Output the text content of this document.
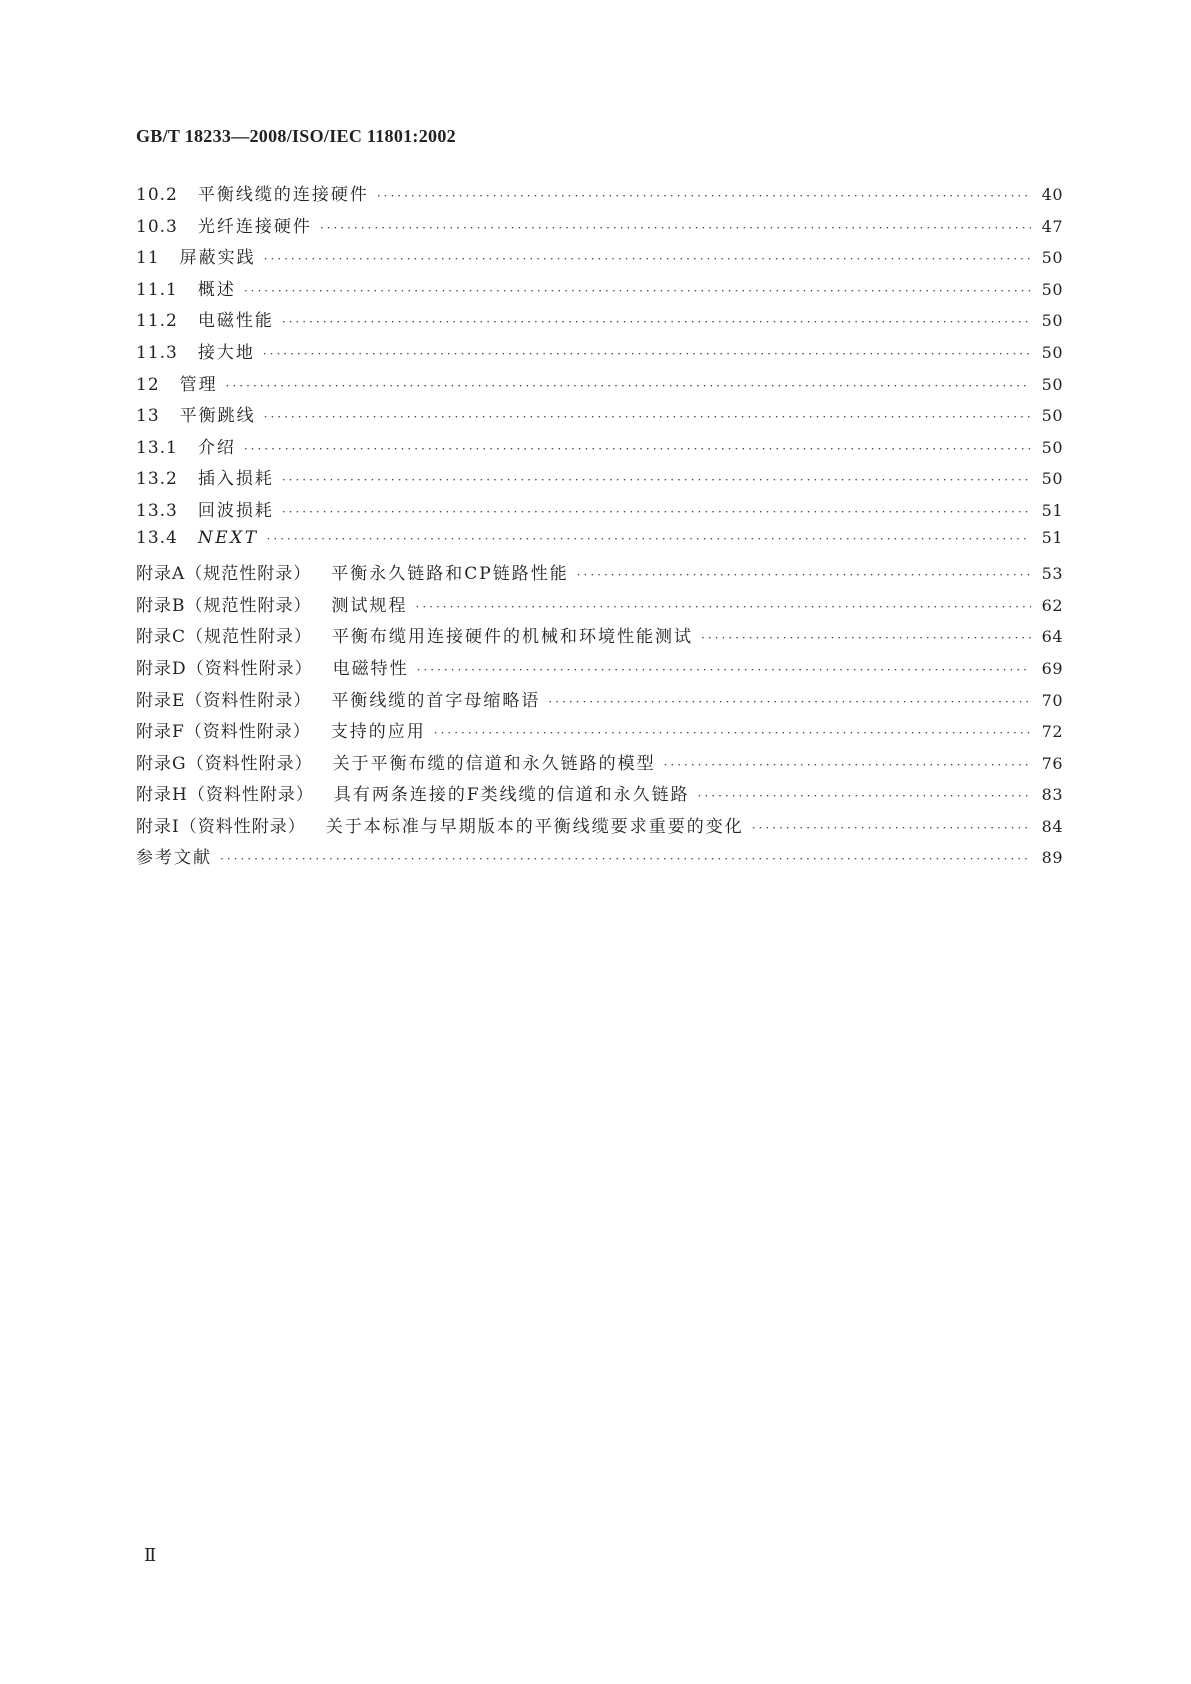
GB/T 18233—2008/ISO/IEC 11801:2002
10.2 平衡线缆的连接硬件 ·····	40
10.3 光纤连接硬件 ·····	47
11 屏蔽实践 ·····	50
11.1 概述 ·····	50
11.2 电磁性能 ·····	50
11.3 接大地 ·····	50
12 管理 ·····	50
13 平衡跳线 ·····	50
13.1 介绍 ·····	50
13.2 插入损耗 ·····	50
13.3 回波损耗 ·····	51
13.4 NEXT ·····	51
附录A（规范性附录） 平衡永久链路和CP链路性能 ·····	53
附录B（规范性附录） 测试规程 ·····	62
附录C（规范性附录） 平衡布缆用连接硬件的机械和环境性能测试 ·····	64
附录D（资料性附录） 电磁特性 ·····	69
附录E（资料性附录） 平衡线缆的首字母缩略语 ·····	70
附录F（资料性附录） 支持的应用 ·····	72
附录G（资料性附录） 关于平衡布缆的信道和永久链路的模型 ·····	76
附录H（资料性附录） 具有两条连接的F类线缆的信道和永久链路 ·····	83
附录I（资料性附录） 关于本标准与早期版本的平衡线缆要求重要的变化 ·····	84
参考文献 ·····	89
Ⅱ
